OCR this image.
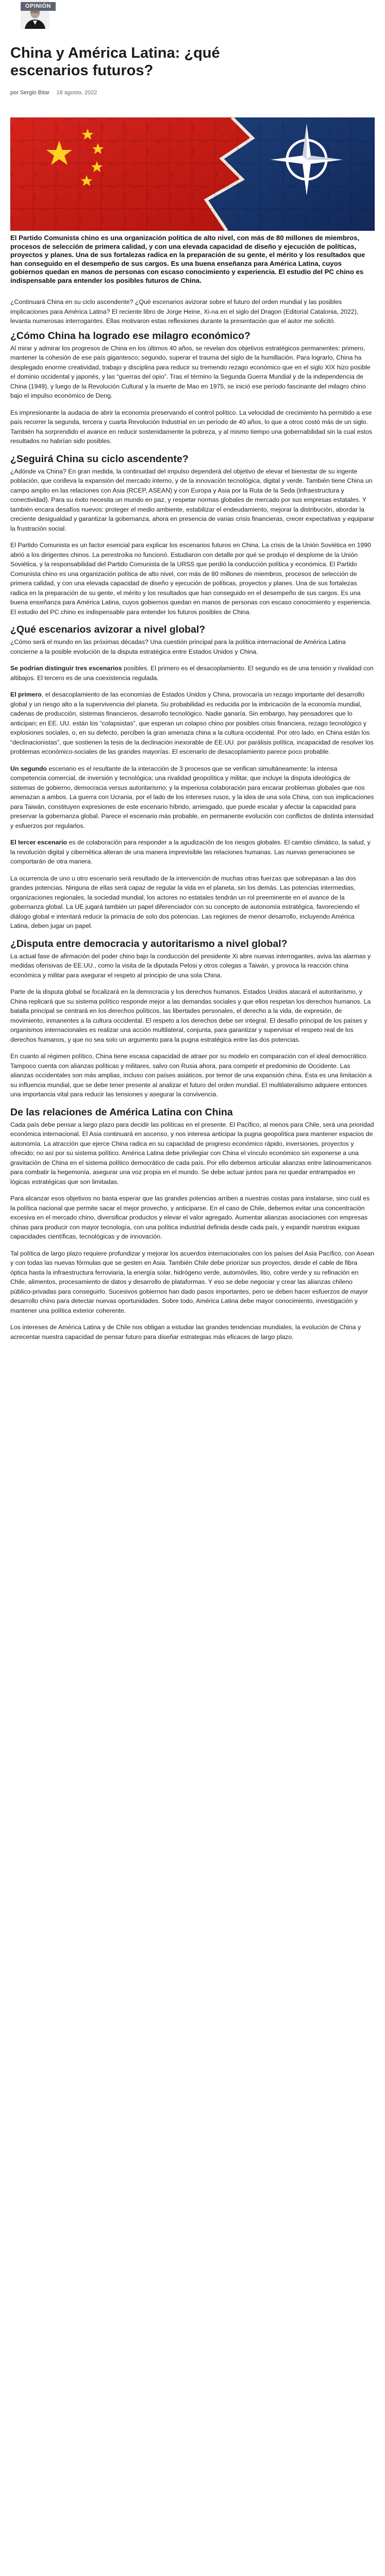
OPINIÓN
China y América Latina: ¿qué escenarios futuros?
por Sergio Bitar 18 agosto, 2022

El Partido Comunista chino es una organización política de alto nivel, con más de 80 millones de miembros, procesos de selección de primera calidad, y con una elevada capacidad de diseño y ejecución de políticas, proyectos y planes. Una de sus fortalezas radica en la preparación de su gente, el mérito y los resultados que han conseguido en el desempeño de sus cargos. Es una buena enseñanza para América Latina, cuyos gobiernos quedan en manos de personas con escaso conocimiento y experiencia. El estudio del PC chino es indispensable para entender los posibles futuros de China.

¿Continuará China en su ciclo ascendente? ¿Qué escenarios avizorar sobre el futuro del orden mundial y las posibles implicaciones para América Latina? El reciente libro de Jorge Heine, Xi-na en el siglo del Dragon (Editorial Catalonia, 2022), levanta numerosas interrogantes. Ellas motivaron estas reflexiones durante la presentación que el autor me solicitó.

¿Cómo China ha logrado ese milagro económico?

Al mirar y admirar los progresos de China en los últimos 40 años, se revelan dos objetivos estratégicos permanentes: primero, mantener la cohesión de ese país gigantesco; segundo, superar el trauma del siglo de la humillación. Para lograrlo, China ha desplegado enorme creatividad, trabajo y disciplina para reducir su tremendo rezago económico que en el siglo XIX hizo posible el dominio occidental y japonés, y las “guerras del opio”. Tras el término la Segunda Guerra Mundial y de la independencia de China (1949), y luego de la Revolución Cultural y la muerte de Mao en 1975, se inició ese período fascinante del milagro chino bajo el impulso económico de Deng.

Es impresionante la audacia de abrir la economía preservando el control político. La velocidad de crecimiento ha permitido a ese país recorrer la segunda, tercera y cuarta Revolución Industrial en un período de 40 años, lo que a otros costó más de un siglo. También ha sorprendido el avance en reducir sostenidamente la pobreza, y al mismo tiempo una gobernabilidad sin la cual estos resultados no habrían sido posibles.

¿Seguirá China su ciclo ascendente?

¿Adónde va China? En gran medida, la continuidad del impulso dependerá del objetivo de elevar el bienestar de su ingente población, que conlleva la expansión del mercado interno, y de la innovación tecnológica, digital y verde. También tiene China un campo amplio en las relaciones con Asia (RCEP, ASEAN) y con Europa y Asia por la Ruta de la Seda (infraestructura y conectividad). Para su éxito necesita un mundo en paz, y respetar normas globales de mercado por sus empresas estatales. Y también encara desafíos nuevos: proteger el medio ambiente, estabilizar el endeudamiento, mejorar la distribución, abordar la creciente desigualdad y garantizar la gobernanza, ahora en presencia de varias crisis financieras, crecer expectativas y equiparar la frustración social.

El Partido Comunista es un factor esencial para explicar los escenarios futuros en China. La crisis de la Unión Soviética en 1990 abrió a los dirigentes chinos. La perestroika no funcionó. Estudiaron con detalle por qué se produjo el desplome de la Unión Soviética, y la responsabilidad del Partido Comunista de la URSS que perdió la conducción política y económica. El Partido Comunista chino es una organización política de alto nivel, con más de 80 millones de miembros, procesos de selección de primera calidad, y con una elevada capacidad de diseño y ejecución de políticas, proyectos y planes. Una de sus fortalezas radica en la preparación de su gente, el mérito y los resultados que han conseguido en el desempeño de sus cargos. Es una buena enseñanza para América Latina, cuyos gobiernos quedan en manos de personas con escaso conocimiento y experiencia. El estudio del PC chino es indispensable para entender los futuros posibles de China.

¿Qué escenarios avizorar a nivel global?

¿Cómo será el mundo en las próximas décadas? Una cuestión principal para la política internacional de América Latina concierne a la posible evolución de la disputa estratégica entre Estados Unidos y China.

Se podrían distinguir tres escenarios posibles. El primero es el desacoplamiento. El segundo es de una tensión y rivalidad con altibajos. El tercero es de una coexistencia regulada.

El primero, el desacoplamiento de las economías de Estados Unidos y China, provocaría un rezago importante del desarrollo global y un riesgo alto a la supervivencia del planeta. Su probabilidad es reducida por la imbricación de la economía mundial, cadenas de producción, sistemas financieros, desarrollo tecnológico. Nadie ganaría. Sin embargo, hay pensadores que lo anticipan; en EE. UU. están los “colapsistas”, que esperan un colapso chino por posibles crisis financiera, rezago tecnológico y explosiones sociales, o, en su defecto, perciben la gran amenaza china a la cultura occidental. Por otro lado, en China están los “declinacionistas”, que sostienen la tesis de la declinación inexorable de EE.UU. por parálisis política, incapacidad de resolver los problemas económico-sociales de las grandes mayorías. El escenario de desacoplamiento parece poco probable.

Un segundo escenario es el resultante de la interacción de 3 procesos que se verifican simultáneamente: la intensa competencia comercial, de inversión y tecnológica; una rivalidad geopolítica y militar, que incluye la disputa ideológica de sistemas de gobierno, democracia versus autoritarismo; y la imperiosa colaboración para encarar problemas globales que nos amenazan a ambos. La guerra con Ucrania, por el lado de los intereses rusos, y la idea de una sola China, con sus implicaciones para Taiwán, constituyen expresiones de este escenario híbrido, arriesgado, que puede escalar y afectar la capacidad para preservar la gobernanza global. Parece el escenario más probable, en permanente evolución con conflictos de distinta intensidad y esfuerzos por regularlos.

El tercer escenario es de colaboración para responder a la agudización de los riesgos globales. El cambio climático, la salud, y la revolución digital y cibernética alteran de una manera imprevisible las relaciones humanas. Las nuevas generaciones se comportarán de otra manera.

La ocurrencia de uno u otro escenario será resultado de la intervención de muchas otras fuerzas que sobrepasan a las dos grandes potencias. Ninguna de ellas será capaz de regular la vida en el planeta, sin los demás. Las potencias intermedias, organizaciones regionales, la sociedad mundial, los actores no estatales tendrán un rol preeminente en el avance de la gobernanza global. La UE jugará también un papel diferenciador con su concepto de autonomía estratégica, favoreciendo el diálogo global e intentará reducir la primacía de solo dos potencias. Las regiones de menor desarrollo, incluyendo América Latina, deben jugar un papel.

¿Disputa entre democracia y autoritarismo a nivel global?

La actual fase de afirmación del poder chino bajo la conducción del presidente Xi abre nuevas interrogantes, aviva las alarmas y medidas ofensivas de EE.UU., como la visita de la diputada Pelosi y otros colegas a Taiwán, y provoca la reacción china económica y militar para asegurar el respeto al principio de una sola China.

Parte de la disputa global se focalizará en la democracia y los derechos humanos. Estados Unidos atacará el autoritarismo, y China replicará que su sistema político responde mejor a las demandas sociales y que ellos respetan los derechos humanos. La batalla principal se centrará en los derechos políticos, las libertades personales, el derecho a la vida, de expresión, de movimiento, inmanentes a la cultura occidental. El respeto a los derechos debe ser integral. El desafío principal de los países y organismos internacionales es realizar una acción multilateral, conjunta, para garantizar y supervisar el respeto real de los derechos humanos, y que no sea solo un argumento para la pugna estratégica entre las dos potencias.

En cuanto al régimen político, China tiene escasa capacidad de atraer por su modelo en comparación con el ideal democrático. Tampoco cuenta con alianzas políticas y militares, salvo con Rusia ahora, para competir el predominio de Occidente. Las alianzas occidentales son más amplias, incluso con países asiáticos, por temor de una expansión china. Esta es una limitación a su influencia mundial, que se debe tener presente al analizar el futuro del orden mundial. El multilateralismo adquiere entonces una importancia vital para reducir las tensiones y asegurar la convivencia.

De las relaciones de América Latina con China

Cada país debe pensar a largo plazo para decidir las políticas en el presente. El Pacífico, al menos para Chile, será una prioridad económica internacional. El Asia continuará en ascenso, y nos interesa anticipar la pugna geopolítica para mantener espacios de autonomía. La atracción que ejerce China radica en su capacidad de progreso económico rápido, inversiones, proyectos y ofrecido; no así por su sistema político. América Latina debe privilegiar con China el vínculo económico sin exponerse a una gravitación de China en el sistema político democrático de cada país. Por ello debemos articular alianzas entre latinoamericanos para combatir la hegemonía, asegurar una voz propia en el mundo. Se debe actuar juntos para no quedar entrampados en lógicas estratégicas que son limitadas.

Para alcanzar esos objetivos no basta esperar que las grandes potencias arriben a nuestras costas para instalarse, sino cuál es la política nacional que permite sacar el mejor provecho, y anticiparse. En el caso de Chile, debemos evitar una concentración excesiva en el mercado chino, diversificar productos y elevar el valor agregado. Aumentar alianzas asociaciones con empresas chinas para producir con mayor tecnología, con una política industrial definida desde cada país, y expandir nuestras exiguas capacidades científicas, tecnológicas y de innovación.

Tal política de largo plazo requiere profundizar y mejorar los acuerdos internacionales con los países del Asia Pacífico, con Asean y con todas las nuevas fórmulas que se gesten en Asia. También Chile debe priorizar sus proyectos, desde el cable de fibra óptica hasta la infraestructura ferroviaria, la energía solar, hidrógeno verde, automóviles, litio, cobre verde y su refinación en Chile, alimentos, procesamiento de datos y desarrollo de plataformas. Y eso se debe negociar y crear las alianzas chileno público-privadas para conseguirlo. Sucesivos gobiernos han dado pasos importantes, pero se deben hacer esfuerzos de mayor desarrollo chino para detectar nuevas oportunidades. Sobre todo, América Latina debe mayor conocimiento, investigación y mantener una política exterior coherente.

Los intereses de América Latina y de Chile nos obligan a estudiar las grandes tendencias mundiales, la evolución de China y acrecentar nuestra capacidad de pensar futuro para diseñar estrategias más eficaces de largo plazo.
